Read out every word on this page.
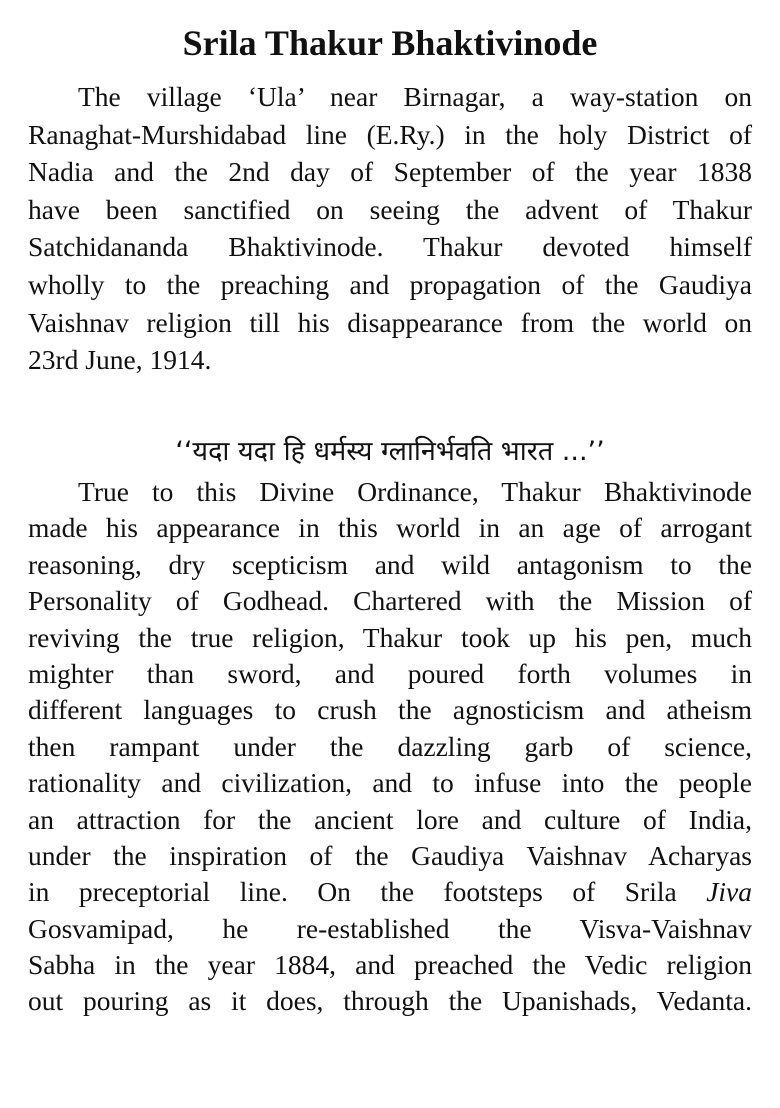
Srila Thakur Bhaktivinode
The village ‘Ula’ near Birnagar, a way-station on
Ranaghat-Murshidabad line (E.Ry.) in the holy District of
Nadia and the 2nd day of September of the year 1838
have been sanctified on seeing the advent of Thakur
Satchidananda Bhaktivinode. Thakur devoted himself
wholly to the preaching and propagation of the Gaudiya
Vaishnav religion till his disappearance from the world on
23rd June, 1914.
‘‘यदा यदा हि धर्मस्य ग्लानिर्भवति भारत ...’’
True to this Divine Ordinance, Thakur Bhaktivinode
made his appearance in this world in an age of arrogant
reasoning, dry scepticism and wild antagonism to the
Personality of Godhead. Chartered with the Mission of
reviving the true religion, Thakur took up his pen, much
mighter than sword, and poured forth volumes in
different languages to crush the agnosticism and atheism
then rampant under the dazzling garb of science,
rationality and civilization, and to infuse into the people
an attraction for the ancient lore and culture of India,
under the inspiration of the Gaudiya Vaishnav Acharyas
in preceptorial line. On the footsteps of Srila Jiva
Gosvamipad, he re-established the Visva-Vaishnav
Sabha in the year 1884, and preached the Vedic religion
out pouring as it does, through the Upanishads, Vedanta.
